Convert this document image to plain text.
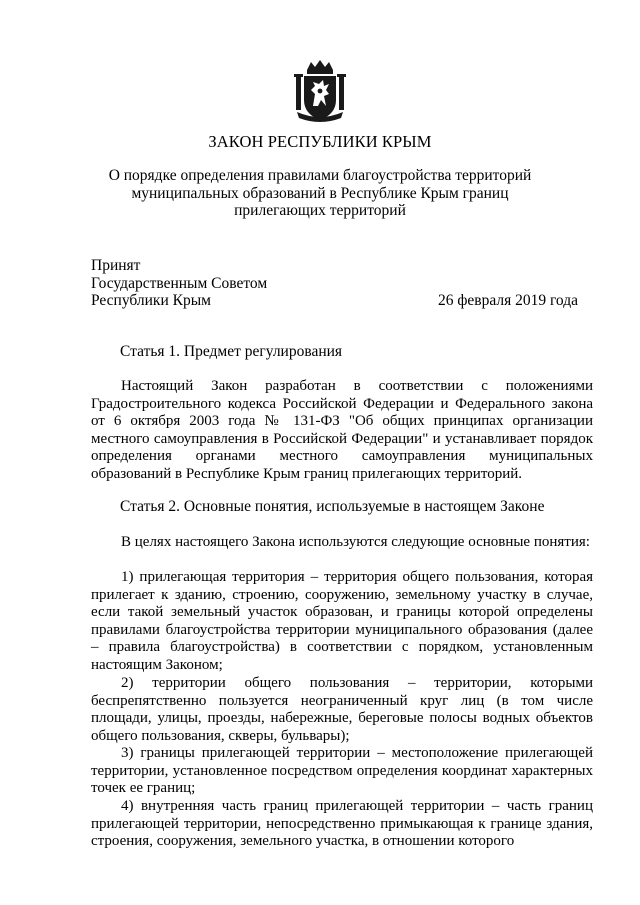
ЗАКОН РЕСПУБЛИКИ КРЫМ
О порядке определения правилами благоустройства территорий муниципальных образований в Республике Крым границ прилегающих территорий
Принят
Государственным Советом
Республики Крым	26 февраля 2019 года
Статья 1. Предмет регулирования

Настоящий Закон разработан в соответствии с положениями Градостроительного кодекса Российской Федерации и Федерального закона от 6 октября 2003 года № 131-ФЗ "Об общих принципах организации местного самоуправления в Российской Федерации" и устанавливает порядок определения органами местного самоуправления муниципальных образований в Республике Крым границ прилегающих территорий.

Статья 2. Основные понятия, используемые в настоящем Законе

В целях настоящего Закона используются следующие основные понятия:

1) прилегающая территория – территория общего пользования, которая прилегает к зданию, строению, сооружению, земельному участку в случае, если такой земельный участок образован, и границы которой определены правилами благоустройства территории муниципального образования (далее – правила благоустройства) в соответствии с порядком, установленным настоящим Законом;

2) территории общего пользования – территории, которыми беспрепятственно пользуется неограниченный круг лиц (в том числе площади, улицы, проезды, набережные, береговые полосы водных объектов общего пользования, скверы, бульвары);

3) границы прилегающей территории – местоположение прилегающей территории, установленное посредством определения координат характерных точек ее границ;

4) внутренняя часть границ прилегающей территории – часть границ прилегающей территории, непосредственно примыкающая к границе здания, строения, сооружения, земельного участка, в отношении которого
